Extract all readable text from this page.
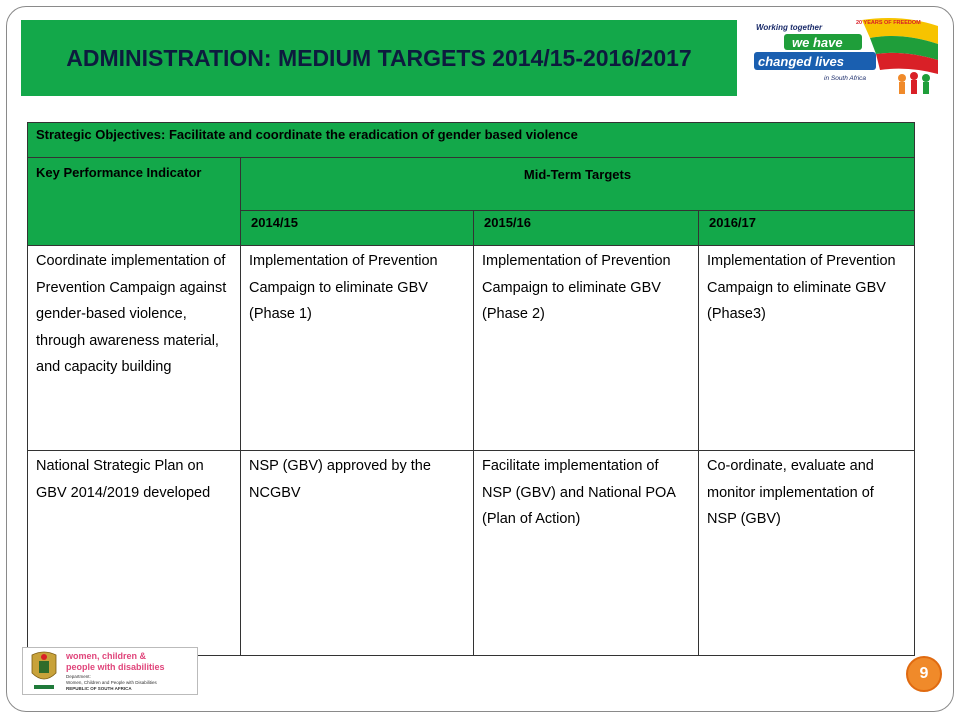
ADMINISTRATION: MEDIUM TARGETS 2014/15-2016/2017
Working together
we have
changed lives
in South Africa
20 YEARS OF FREEDOM
Strategic Objectives: Facilitate and coordinate the eradication of gender based violence			
Key Performance Indicator	Mid-Term Targets		
	2014/15	2015/16	2016/17
Coordinate implementation of Prevention Campaign against gender-based violence, through awareness material, and capacity building	Implementation of Prevention Campaign to eliminate GBV (Phase 1)	Implementation of Prevention Campaign to eliminate GBV (Phase 2)	Implementation of Prevention Campaign to eliminate GBV (Phase3)
National Strategic Plan on GBV 2014/2019 developed	NSP (GBV) approved by the NCGBV	Facilitate implementation of NSP (GBV) and National POA (Plan of Action)	Co-ordinate, evaluate and monitor implementation of NSP (GBV)
women, children &
people with disabilities
Department:
Women, Children and People with Disabilities
REPUBLIC OF SOUTH AFRICA
9
